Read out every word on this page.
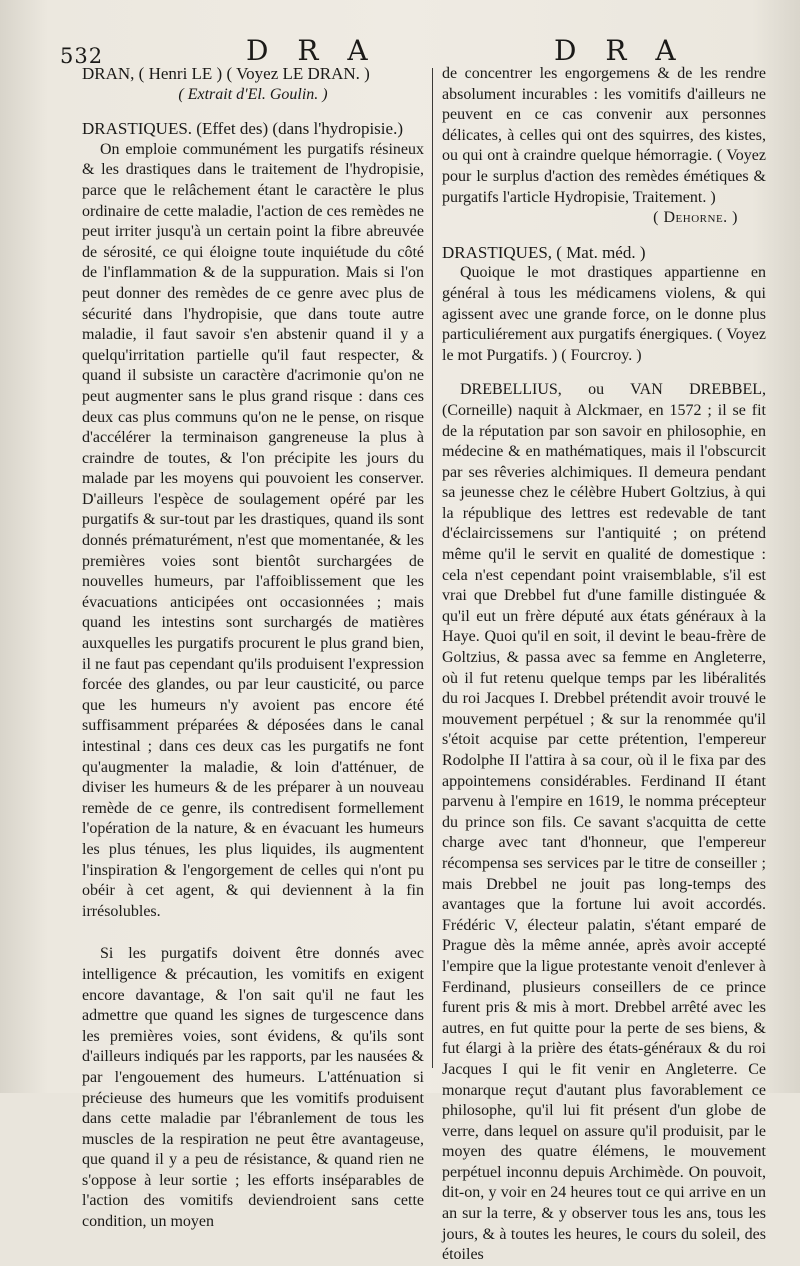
532	D R A	D R A

DRAN, ( Henri LE ) ( Voyez LE DRAN. )

( Extrait d'El. Goulin. )

DRASTIQUES. (Effet des) (dans l'hydropisie.)

On emploie communément les purgatifs résineux & les drastiques dans le traitement de l'hydropisie, parce que le relâchement étant le caractère le plus ordinaire de cette maladie, l'action de ces remèdes ne peut irriter jusqu'à un certain point la fibre abreuvée de sérosité, ce qui éloigne toute inquiétude du côté de l'inflammation & de la suppuration. Mais si l'on peut donner des remèdes de ce genre avec plus de sécurité dans l'hydropisie, que dans toute autre maladie, il faut savoir s'en abstenir quand il y a quelqu'irritation partielle qu'il faut respecter, & quand il subsiste un caractère d'acrimonie qu'on ne peut augmenter sans le plus grand risque : dans ces deux cas plus communs qu'on ne le pense, on risque d'accélérer la terminaison gangreneuse la plus à craindre de toutes, & l'on précipite les jours du malade par les moyens qui pouvoient les conserver. D'ailleurs l'espèce de soulagement opéré par les purgatifs & sur-tout par les drastiques, quand ils sont donnés prématurément, n'est que momentanée, & les premières voies sont bientôt surchargées de nouvelles humeurs, par l'affoiblissement que les évacuations anticipées ont occasionnées ; mais quand les intestins sont surchargés de matières auxquelles les purgatifs procurent le plus grand bien, il ne faut pas cependant qu'ils produisent l'expression forcée des glandes, ou par leur causticité, ou parce que les humeurs n'y avoient pas encore été suffisamment préparées & déposées dans le canal intestinal ; dans ces deux cas les purgatifs ne font qu'augmenter la maladie, & loin d'atténuer, de diviser les humeurs & de les préparer à un nouveau remède de ce genre, ils contredisent formellement l'opération de la nature, & en évacuant les humeurs les plus ténues, les plus liquides, ils augmentent l'inspiration & l'engorgement de celles qui n'ont pu obéir à cet agent, & qui deviennent à la fin irrésolubles.

Si les purgatifs doivent être donnés avec intelligence & précaution, les vomitifs en exigent encore davantage, & l'on sait qu'il ne faut les admettre que quand les signes de turgescence dans les premières voies, sont évidens, & qu'ils sont d'ailleurs indiqués par les rapports, par les nausées & par l'engouement des humeurs. L'atténuation si précieuse des humeurs que les vomitifs produisent dans cette maladie par l'ébranlement de tous les muscles de la respiration ne peut être avantageuse, que quand il y a peu de résistance, & quand rien ne s'oppose à leur sortie ; les efforts inséparables de l'action des vomitifs deviendroient sans cette condition, un moyen

de concentrer les engorgemens & de les rendre absolument incurables : les vomitifs d'ailleurs ne peuvent en ce cas convenir aux personnes délicates, à celles qui ont des squirres, des kistes, ou qui ont à craindre quelque hémorragie. ( Voyez pour le surplus d'action des remèdes émétiques & purgatifs l'article Hydropisie, Traitement. )

( Dehorne. )

DRASTIQUES, ( Mat. méd. )

Quoique le mot drastiques appartienne en général à tous les médicamens violens, & qui agissent avec une grande force, on le donne plus particuliérement aux purgatifs énergiques. ( Voyez le mot Purgatifs. ) ( Fourcroy. )

DREBELLIUS, ou VAN DREBBEL, (Corneille) naquit à Alckmaer, en 1572 ; il se fit de la réputation par son savoir en philosophie, en médecine & en mathématiques, mais il l'obscurcit par ses rêveries alchimiques. Il demeura pendant sa jeunesse chez le célèbre Hubert Goltzius, à qui la république des lettres est redevable de tant d'éclaircissemens sur l'antiquité ; on prétend même qu'il le servit en qualité de domestique : cela n'est cependant point vraisemblable, s'il est vrai que Drebbel fut d'une famille distinguée & qu'il eut un frère député aux états généraux à la Haye. Quoi qu'il en soit, il devint le beau-frère de Goltzius, & passa avec sa femme en Angleterre, où il fut retenu quelque temps par les libéralités du roi Jacques I. Drebbel prétendit avoir trouvé le mouvement perpétuel ; & sur la renommée qu'il s'étoit acquise par cette prétention, l'empereur Rodolphe II l'attira à sa cour, où il le fixa par des appointemens considérables. Ferdinand II étant parvenu à l'empire en 1619, le nomma précepteur du prince son fils. Ce savant s'acquitta de cette charge avec tant d'honneur, que l'empereur récompensa ses services par le titre de conseiller ; mais Drebbel ne jouit pas long-temps des avantages que la fortune lui avoit accordés. Frédéric V, électeur palatin, s'étant emparé de Prague dès la même année, après avoir accepté l'empire que la ligue protestante venoit d'enlever à Ferdinand, plusieurs conseillers de ce prince furent pris & mis à mort. Drebbel arrêté avec les autres, en fut quitte pour la perte de ses biens, & fut élargi à la prière des états-généraux & du roi Jacques I qui le fit venir en Angleterre. Ce monarque reçut d'autant plus favorablement ce philosophe, qu'il lui fit présent d'un globe de verre, dans lequel on assure qu'il produisit, par le moyen des quatre élémens, le mouvement perpétuel inconnu depuis Archimède. On pouvoit, dit-on, y voir en 24 heures tout ce qui arrive en un an sur la terre, & y observer tous les ans, tous les jours, & à toutes les heures, le cours du soleil, des étoiles
